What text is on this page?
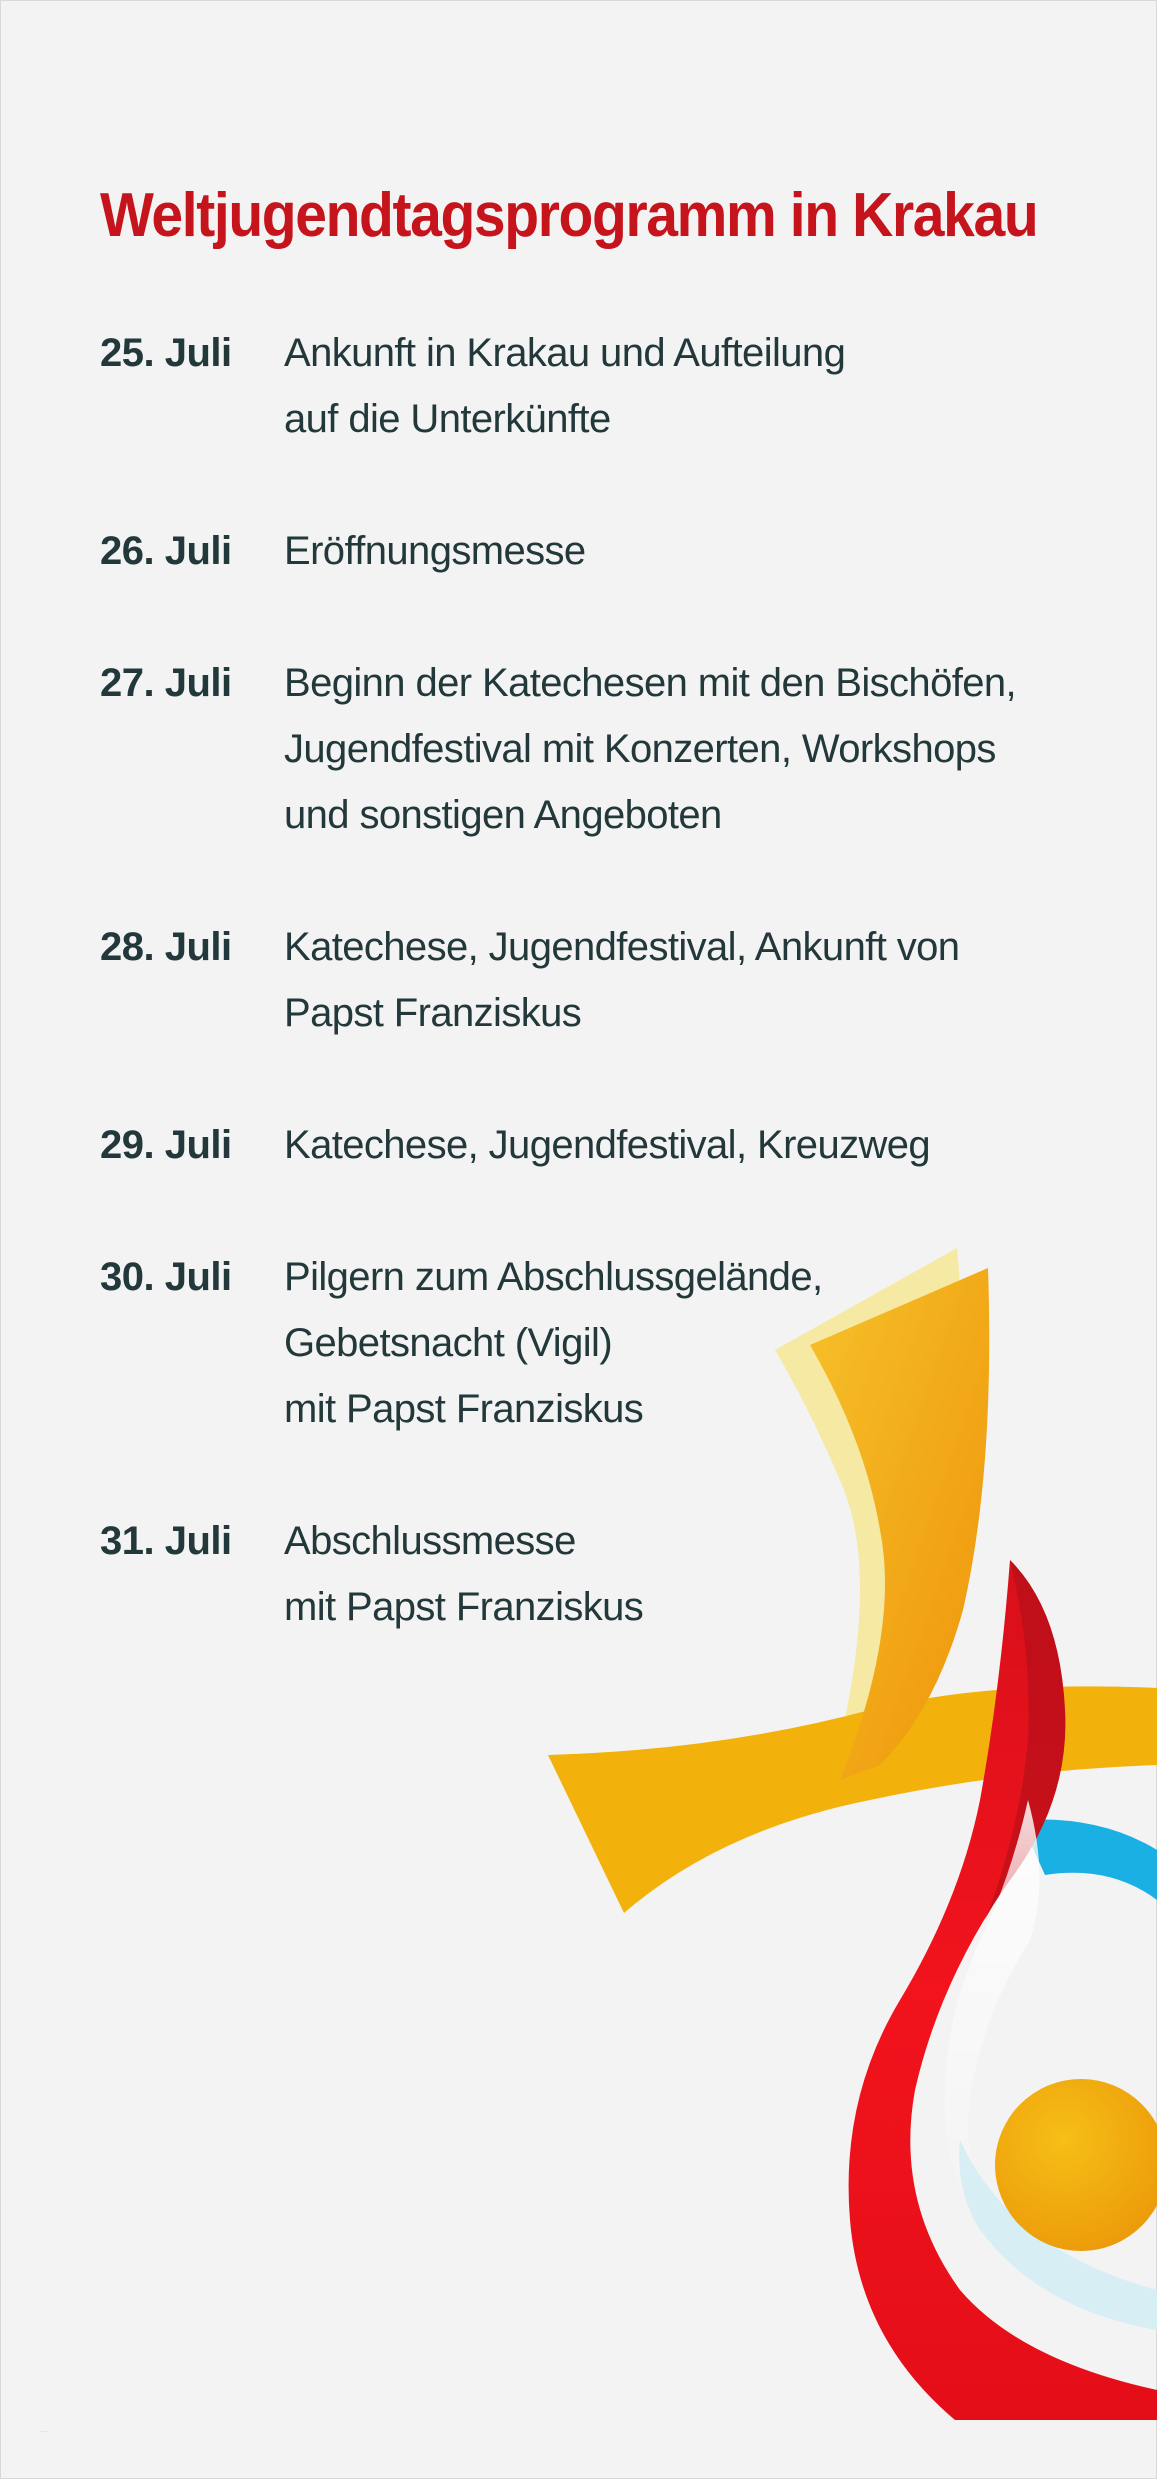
Weltjugendtagsprogramm in Krakau
25. Juli	Ankunft in Krakau und Aufteilung
auf die Unterkünfte
26. Juli	Eröffnungsmesse
27. Juli	Beginn der Katechesen mit den Bischöfen,
Jugendfestival mit Konzerten, Workshops
und sonstigen Angeboten
28. Juli	Katechese, Jugendfestival, Ankunft von
Papst Franziskus
29. Juli	Katechese, Jugendfestival, Kreuzweg
30. Juli	Pilgern zum Abschlussgelände,
Gebetsnacht (Vigil)
mit Papst Franziskus
31. Juli	Abschlussmesse
mit Papst Franziskus
...
